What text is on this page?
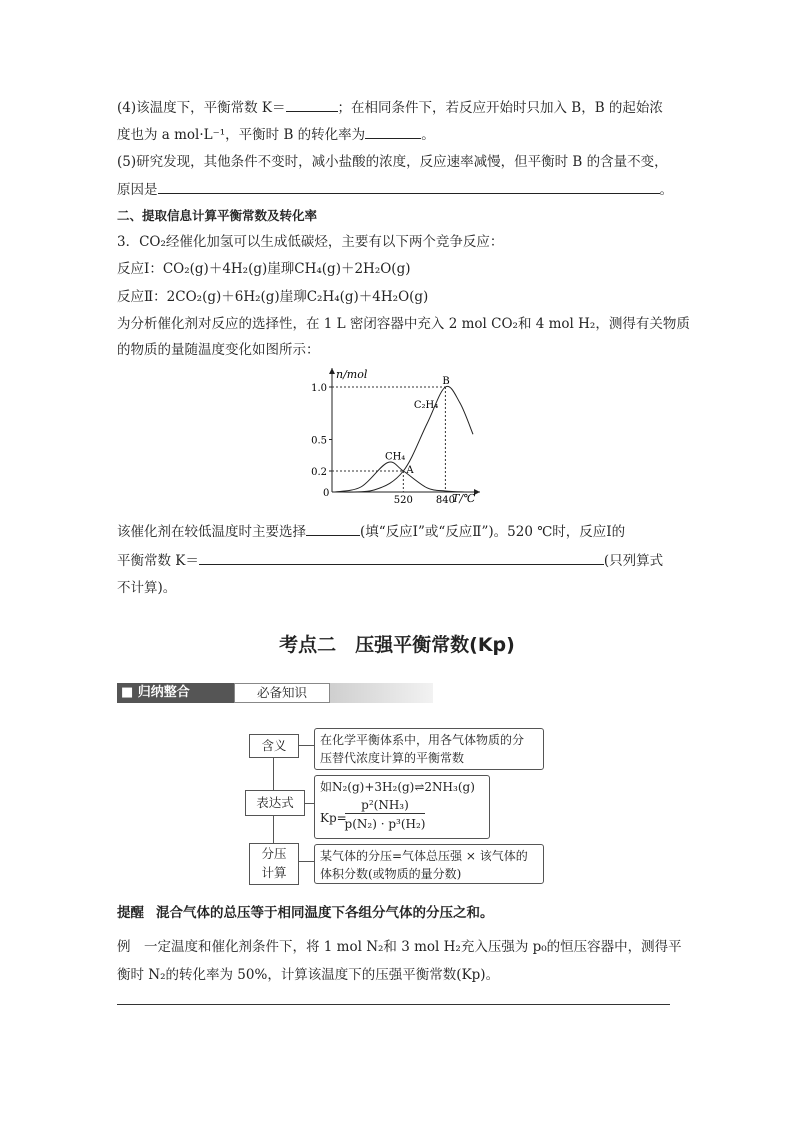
(4)该温度下，平衡常数 K＝	；在相同条件下，若反应开始时只加入 B，B 的起始浓
度也为 a mol·L⁻¹，平衡时 B 的转化率为	。
(5)研究发现，其他条件不变时，减小盐酸的浓度，反应速率减慢，但平衡时 B 的含量不变，
原因是	。
二、提取信息计算平衡常数及转化率
3．CO₂经催化加氢可以生成低碳烃，主要有以下两个竞争反应：
反应Ⅰ：CO₂(g)＋4H₂(g)崖珋CH₄(g)＋2H₂O(g)
反应Ⅱ：2CO₂(g)＋6H₂(g)崖珋C₂H₄(g)＋4H₂O(g)
为分析催化剂对反应的选择性，在 1 L 密闭容器中充入 2 mol CO₂和 4 mol H₂，测得有关物质
的物质的量随温度变化如图所示：
n/mol
T/℃
0
1.0
0.5
0.2
520 840
CH₄
C₂H₄
A
B
该催化剂在较低温度时主要选择	(填“反应Ⅰ”或“反应Ⅱ”)。520 ℃时，反应Ⅰ的
平衡常数 K＝	(只列算式
不计算)。
考点二　压强平衡常数(Kp)
■ 归纳整合	必备知识
含义
表达式
分压
计算
在化学平衡体系中，用各气体物质的分
压替代浓度计算的平衡常数
如N₂(g)+3H₂(g)⇌2NH₃(g)
Kp=
p²(NH₃)
p(N₂) · p³(H₂)
某气体的分压=气体总压强 × 该气体的
体积分数(或物质的量分数)
提醒 混合气体的总压等于相同温度下各组分气体的分压之和。
例　一定温度和催化剂条件下，将 1 mol N₂和 3 mol H₂充入压强为 p₀的恒压容器中，测得平
衡时 N₂的转化率为 50%，计算该温度下的压强平衡常数(Kp)。
